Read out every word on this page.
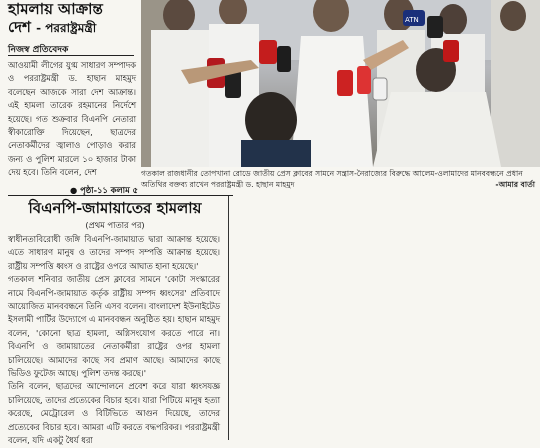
হামলায় আক্রান্ত
দেশ - পররাষ্ট্রমন্ত্রী
নিজস্ব প্রতিবেদক

আওয়ামী লীগের যুগ্ম সাধারণ সম্পাদক ও পররাষ্ট্রমন্ত্রী ড. হাছান মাহমুদ বলেছেন আজকে সারা দেশ আক্রান্ত। এই হামলা তারেক রহমানের নির্দেশে হয়েছে। গত শুক্রবার বিএনপি নেতারা স্বীকারোক্তি দিয়েছেন, ছাত্রদের নেতাকর্মীদের জ্বালাও পোড়াও করার জন্য ও পুলিশ মারলে ১০ হাজার টাকা দেয় হবে। তিনি বলেন, দেশ

● পৃষ্ঠা-১১ কলাম ৫
ATN
গতকাল রাজধানীর তোপখানা রোডে জাতীয় প্রেস ক্লাবের সামনে সন্ত্রাস-নৈরাজ্যের বিরুদ্ধে আলেম-ওলামাদের মানববন্ধনে প্রধান অতিথির বক্তব্য রাখেন পররাষ্ট্রমন্ত্রী ড. হাছান মাহমুদ	-আমার বার্তা
বিএনপি-জামায়াতের হামলায়
(প্রথম পাতার পর)

স্বাধীনতাবিরোধী জঙ্গি বিএনপি-জামায়াত দ্বারা আক্রান্ত হয়েছে। এতে সাধারণ মানুষ ও তাদের সম্পদ সম্পত্তি আক্রান্ত হয়েছে। রাষ্ট্রীয় সম্পত্তি ধ্বংস ও রাষ্ট্রের ওপরে আঘাত হানা হয়েছে।'

গতকাল শনিবার জাতীয় প্রেস ক্লাবের সামনে 'কোটা সংস্কারের নামে বিএনপি-জামায়াত কর্তৃক রাষ্ট্রীয় সম্পদ ধ্বংসের' প্রতিবাদে আয়োজিত মানববন্ধনে তিনি এসব বলেন। বাংলাদেশ ইউনাইটেড ইসলামী পার্টির উদ্যোগে এ মানববন্ধন অনুষ্ঠিত হয়। হাছান মাহমুদ বলেন, 'কোনো ছাত্র হামলা, অগ্নিসংযোগ করতে পারে না। বিএনপি ও জামায়াতের নেতাকর্মীরা রাষ্ট্রের ওপর হামলা চালিয়েছে। আমাদের কাছে সব প্রমাণ আছে। আমাদের কাছে ভিডিও ফুটেজ আছে। পুলিশ তদন্ত করছে।'

তিনি বলেন, ছাত্রদের আন্দোলনে প্রবেশ করে যারা ধ্বংসযজ্ঞ চালিয়েছে, তাদের প্রত্যেকের বিচার হবে। যারা পিটিয়ে মানুষ হত্যা করেছে, মেট্রোরেল ও বিটিভিতে আগুন দিয়েছে, তাদের প্রত্যেকের বিচার হবে। আমরা এটি করতে বদ্ধপরিকর। পররাষ্ট্রমন্ত্রী বলেন, যদি একটু ধৈর্য ধরা
